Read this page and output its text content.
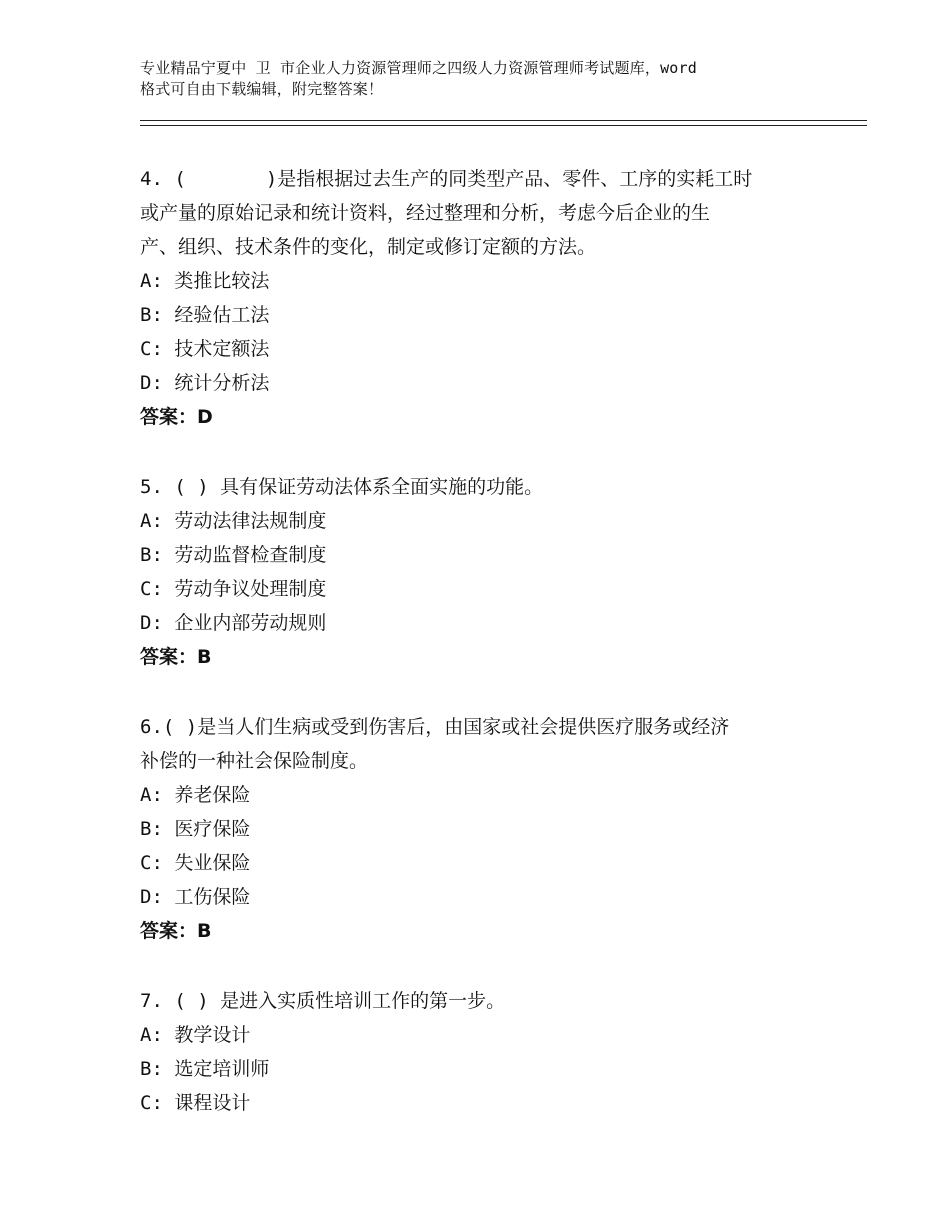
专业精品宁夏中 卫 市企业人力资源管理师之四级人力资源管理师考试题库，word
格式可自由下载编辑，附完整答案！
4. (       )是指根据过去生产的同类型产品、零件、工序的实耗工时
或产量的原始记录和统计资料，经过整理和分析，考虑今后企业的生
产、组织、技术条件的变化，制定或修订定额的方法。
A: 类推比较法
B: 经验估工法
C: 技术定额法
D: 统计分析法
答案：D
5. ( ) 具有保证劳动法体系全面实施的功能。
A: 劳动法律法规制度
B: 劳动监督检查制度
C: 劳动争议处理制度
D: 企业内部劳动规则
答案：B
6.( )是当人们生病或受到伤害后，由国家或社会提供医疗服务或经济
补偿的一种社会保险制度。
A: 养老保险
B: 医疗保险
C: 失业保险
D: 工伤保险
答案：B
7. ( ) 是进入实质性培训工作的第一步。
A: 教学设计
B: 选定培训师
C: 课程设计
